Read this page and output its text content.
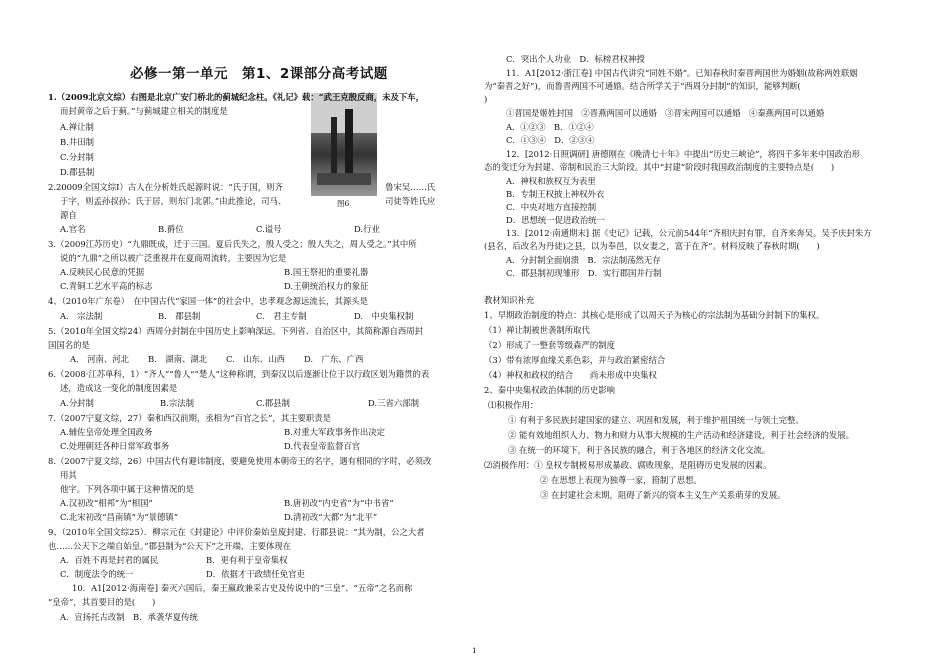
必修一第一单元　第1、2课部分高考试题
图6
1.（2009北京文综）右图是北京广安门桥北的蓟城纪念柱。《礼记》载：“武王克殷反商，未及下车，
而封黄帝之后于蓟。”与蓟城建立相关的制度是
A.禅让制
B.井田制
C.分封制
D.郡县制
2.20009全国文综Ⅰ）古人在分析姓氏起源时说：“氏于国，则齐	鲁宋吴……氏
于字，则孟孙叔孙；氏于居，则东门北郭。”由此推论，司马、	司徒等姓氏应
源自
A.官名	B.爵位	C.谥号	D.行业
3.（2009江苏历史）“九鼎既成，迁于三国。夏后氏失之，殷人受之；殷人失之，周人受之。”其中所
说的“九鼎”之所以被广泛重视并在夏商周流转，主要因为它是
A.反映民心民意的凭据	B.国王祭祀的重要礼器
C.青铜工艺水平高的标志	D.王朝统治权力的象征
4、（2010年广东卷）　在中国古代“家国一体”的社会中，忠孝观念源远流长，其源头是
A.　宗法制	B.　郡县制	C.　君主专制	D.　中央集权制
5.（2010年全国文综24）西周分封制在中国历史上影响深远。下列省、自治区中，其简称源自西周封
国国名的是
A.　河南、河北	B.　湖南、湖北	C.　山东、山西	D.　广东、广西
6.（2008·江苏单科，1）“齐人”“鲁人”“楚人”这种称谓，到秦汉以后逐渐让位于以行政区划为籍贯的表
述，造成这一变化的制度因素是
A.分封制	B.宗法制	C.郡县制	D.三省六部制
7.（2007宁夏文综，27）秦和西汉前期，丞相为“百官之长”，其主要职责是
A.辅佐皇帝处理全国政务	B.对重大军政事务作出决定
C.处理朝廷各种日常军政事务	D.代表皇帝监督百官
8.（2007宁夏文综，26）中国古代有避讳制度，要避免使用本朝帝王的名字，遇有相同的字时，必须改
用其
他字。下列各项中属于这种情况的是
A.汉初改“相邦”为“相国”	B.唐初改“内史省”为“中书省”
C.北宋初改“昌南镇”为“景德镇”	D.清初改“大都”为“北平”
9、（2010年全国文综25）．柳宗元在《封建论》中评价秦始皇废封建、行郡县说：“其为制，公之大者
也……公天下之端自始皇。”郡县制为“公天下”之开端，主要体现在
A．百姓不再是封君的属民	B．更有利于皇帝集权
C．制度法令的统一	D．依据才干政绩任免官吏
10．A1[2012·海南卷] 秦灭六国后，秦王嬴政兼采古史及传说中的“三皇”、“五帝”之名而称
“皇帝”，其首要目的是(　　)
A．宣扬托古改制　B．承袭华夏传统
C．突出个人功业　D．标榜君权神授
11．A1[2012·浙江卷] 中国古代讲究“同姓不婚”。已知春秋时秦晋两国世为婚姻(故称两姓联姻
为“秦晋之好”)，而鲁晋两国不可通婚。结合所学关于“西周分封制”的知识，能够判断(
)
①晋国是姬姓封国　②晋燕两国可以通婚　③晋宋两国可以通婚　④秦燕两国可以通婚
A．①②③　B．①②④
C．①③④　D．②③④
12．[2012·日照调研] 唐德刚在《晚清七十年》中提出“历史三峡论”，将四千多年来中国政治形
态的变迁分为封建、帝制和民治三大阶段。其中“封建”阶段时我国政治制度的主要特点是(　　)
A．神权和族权互为表里
B．专制王权披上神权外衣
C．中央对地方直接控制
D．思想统一促进政治统一
13．[2012·南通期末] 据《史记》记载，公元前544年“齐相庆封有罪，自齐来奔吴。吴予庆封朱方
(县名，后改名为丹徒)之县，以为奉邑，以女妻之，富于在齐”。材料反映了春秋时期(　　)
A．分封制全面崩溃　B．宗法制荡然无存
C．郡县制初现雏形　D．实行郡国并行制
教材知识补充
1、早期政治制度的特点：其核心是形成了以周天子为核心的宗法制为基础分封制下的集权。
（1）禅让制被世袭制所取代
（2）形成了一整套等级森严的制度
（3）带有浓厚血缘关系色彩，并与政治紧密结合
（4）神权和政权的结合　　尚未形成中央集权
2、秦中央集权政治体制的历史影响
⑴积极作用：
① 有利于多民族封建国家的建立、巩固和发展，利于维护祖国统一与领土完整。
② 能有效地组织人力、物力和财力从事大规模的生产活动和经济建设，利于社会经济的发展。
③ 在统一的环境下，利于各民族的融合，利于各地区的经济文化交流。
⑵消极作用：① 皇权专制极易形成暴政、腐败现象，是阻碍历史发展的因素。
② 在思想上表现为独尊一家，箝制了思想。
③ 在封建社会末期，阻碍了新兴的资本主义生产关系萌芽的发展。
1
